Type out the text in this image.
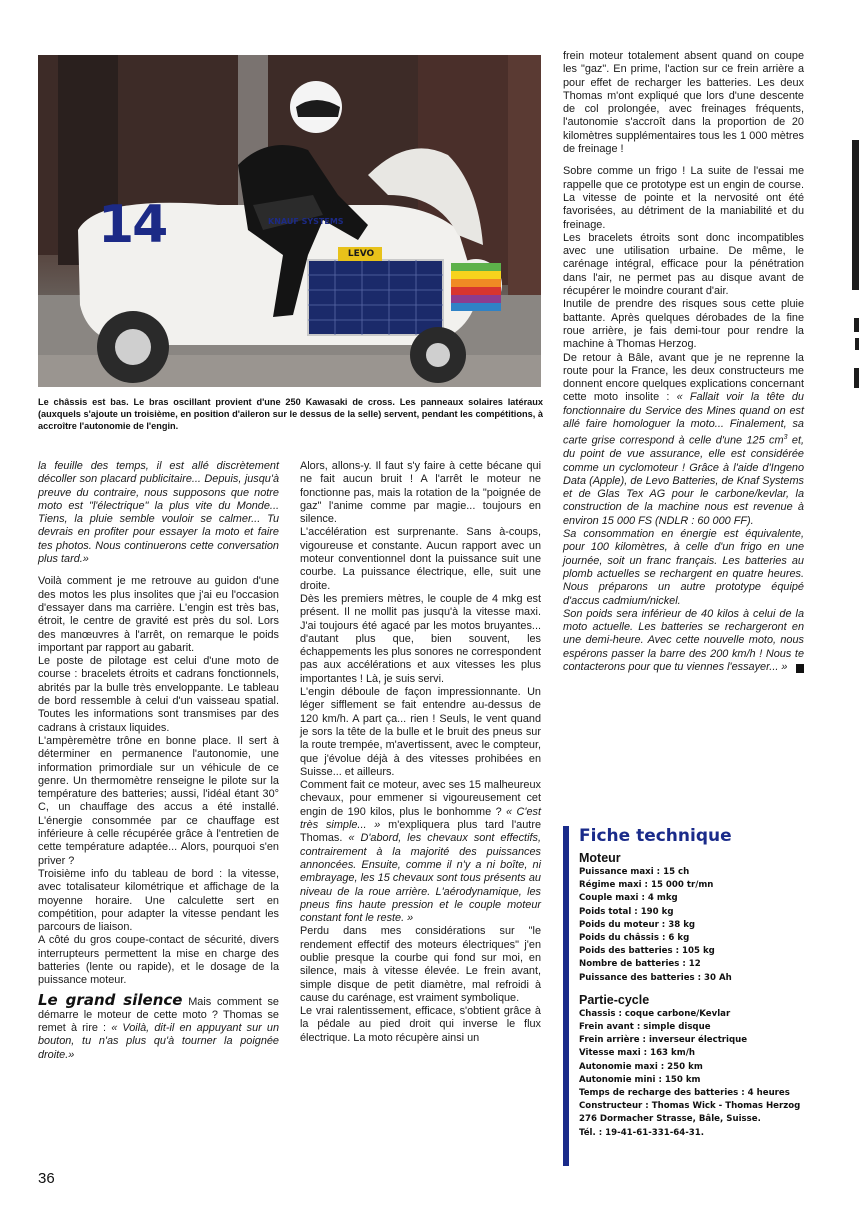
14	KNAUF SYSTEMS
LEVO
Le châssis est bas. Le bras oscillant provient d'une 250 Kawasaki de cross. Les panneaux solaires latéraux (auxquels s'ajoute un troisième, en position d'aileron sur le dessus de la selle) servent, pendant les compétitions, à accroître l'autonomie de l'engin.

la feuille des temps, il est allé discrètement décoller son placard publicitaire... Depuis, jusqu'à preuve du contraire, nous supposons que notre moto est "l'électrique" la plus vite du Monde... Tiens, la pluie semble vouloir se calmer... Tu devrais en profiter pour essayer la moto et faire tes photos. Nous continuerons cette conversation plus tard.»

Voilà comment je me retrouve au guidon d'une des motos les plus insolites que j'ai eu l'occasion d'essayer dans ma carrière. L'engin est très bas, étroit, le centre de gravité est près du sol. Lors des manœuvres à l'arrêt, on remarque le poids important par rapport au gabarit.

Le poste de pilotage est celui d'une moto de course : bracelets étroits et cadrans fonctionnels, abrités par la bulle très enveloppante. Le tableau de bord ressemble à celui d'un vaisseau spatial. Toutes les informations sont transmises par des cadrans à cristaux liquides.

L'ampèremètre trône en bonne place. Il sert à déterminer en permanence l'autonomie, une information primordiale sur un véhicule de ce genre. Un thermomètre renseigne le pilote sur la température des batteries; aussi, l'idéal étant 30° C, un chauffage des accus a été installé. L'énergie consommée par ce chauffage est inférieure à celle récupérée grâce à l'entretien de cette température adaptée... Alors, pourquoi s'en priver ?

Troisième info du tableau de bord : la vitesse, avec totalisateur kilométrique et affichage de la moyenne horaire. Une calculette sert en compétition, pour adapter la vitesse pendant les parcours de liaison.

A côté du gros coupe-contact de sécurité, divers interrupteurs permettent la mise en charge des batteries (lente ou rapide), et le dosage de la puissance moteur.

Le grand silence Mais comment se démarre le moteur de cette moto ? Thomas se remet à rire : « Voilà, dit-il en appuyant sur un bouton, tu n'as plus qu'à tourner la poignée droite.»

Alors, allons-y. Il faut s'y faire à cette bécane qui ne fait aucun bruit ! A l'arrêt le moteur ne fonctionne pas, mais la rotation de la "poignée de gaz" l'anime comme par magie... toujours en silence.

L'accélération est surprenante. Sans à-coups, vigoureuse et constante. Aucun rapport avec un moteur conventionnel dont la puissance suit une courbe. La puissance électrique, elle, suit une droite.

Dès les premiers mètres, le couple de 4 mkg est présent. Il ne mollit pas jusqu'à la vitesse maxi. J'ai toujours été agacé par les motos bruyantes... d'autant plus que, bien souvent, les échappements les plus sonores ne correspondent pas aux accélérations et aux vitesses les plus importantes ! Là, je suis servi.

L'engin déboule de façon impressionnante. Un léger sifflement se fait entendre au-dessus de 120 km/h. A part ça... rien ! Seuls, le vent quand je sors la tête de la bulle et le bruit des pneus sur la route trempée, m'avertissent, avec le compteur, que j'évolue déjà à des vitesses prohibées en Suisse... et ailleurs.

Comment fait ce moteur, avec ses 15 malheureux chevaux, pour emmener si vigoureusement cet engin de 190 kilos, plus le bonhomme ? « C'est très simple... » m'expliquera plus tard l'autre Thomas. « D'abord, les chevaux sont effectifs, contrairement à la majorité des puissances annoncées. Ensuite, comme il n'y a ni boîte, ni embrayage, les 15 chevaux sont tous présents au niveau de la roue arrière. L'aérodynamique, les pneus fins haute pression et le couple moteur constant font le reste. »

Perdu dans mes considérations sur "le rendement effectif des moteurs électriques" j'en oublie presque la courbe qui fond sur moi, en silence, mais à vitesse élevée. Le frein avant, simple disque de petit diamètre, mal refroidi à cause du carénage, est vraiment symbolique.

Le vrai ralentissement, efficace, s'obtient grâce à la pédale au pied droit qui inverse le flux électrique. La moto récupère ainsi un

frein moteur totalement absent quand on coupe les "gaz". En prime, l'action sur ce frein arrière a pour effet de recharger les batteries. Les deux Thomas m'ont expliqué que lors d'une descente de col prolongée, avec freinages fréquents, l'autonomie s'accroît dans la proportion de 20 kilomètres supplémentaires tous les 1 000 mètres de freinage !

Sobre comme un frigo ! La suite de l'essai me rappelle que ce prototype est un engin de course. La vitesse de pointe et la nervosité ont été favorisées, au détriment de la maniabilité et du freinage.

Les bracelets étroits sont donc incompatibles avec une utilisation urbaine. De même, le carénage intégral, efficace pour la pénétration dans l'air, ne permet pas au disque avant de récupérer le moindre courant d'air.

Inutile de prendre des risques sous cette pluie battante. Après quelques dérobades de la fine roue arrière, je fais demi-tour pour rendre la machine à Thomas Herzog.

De retour à Bâle, avant que je ne reprenne la route pour la France, les deux constructeurs me donnent encore quelques explications concernant cette moto insolite : « Fallait voir la tête du fonctionnaire du Service des Mines quand on est allé faire homologuer la moto... Finalement, sa carte grise correspond à celle d'une 125 $cm^3$ et, du point de vue assurance, elle est considérée comme un cyclomoteur ! Grâce à l'aide d'Ingeno Data (Apple), de Levo Batteries, de Knaf Systems et de Glas Tex AG pour le carbone/kevlar, la construction de la machine nous est revenue à environ 15 000 FS (NDLR : 60 000 FF).

Sa consommation en énergie est équivalente, pour 100 kilomètres, à celle d'un frigo en une journée, soit un franc français. Les batteries au plomb actuelles se rechargent en quatre heures. Nous préparons un autre prototype équipé d'accus cadmium/nickel.

Son poids sera inférieur de 40 kilos à celui de la moto actuelle. Les batteries se rechargeront en une demi-heure. Avec cette nouvelle moto, nous espérons passer la barre des 200 km/h ! Nous te contacterons pour que tu viennes l'essayer... »

Fiche technique
Moteur
Puissance maxi : 15 ch
Régime maxi : 15 000 tr/mn
Couple maxi : 4 mkg
Poids total : 190 kg
Poids du moteur : 38 kg
Poids du châssis : 6 kg
Poids des batteries : 105 kg
Nombre de batteries : 12
Puissance des batteries : 30 Ah
Partie-cycle
Chassis : coque carbone/Kevlar
Frein avant : simple disque
Frein arrière : inverseur électrique
Vitesse maxi : 163 km/h
Autonomie maxi : 250 km
Autonomie mini : 150 km
Temps de recharge des batteries : 4 heures
Constructeur : Thomas Wick - Thomas Herzog
276 Dormacher Strasse, Bâle, Suisse.
Tél. : 19-41-61-331-64-31.
36
